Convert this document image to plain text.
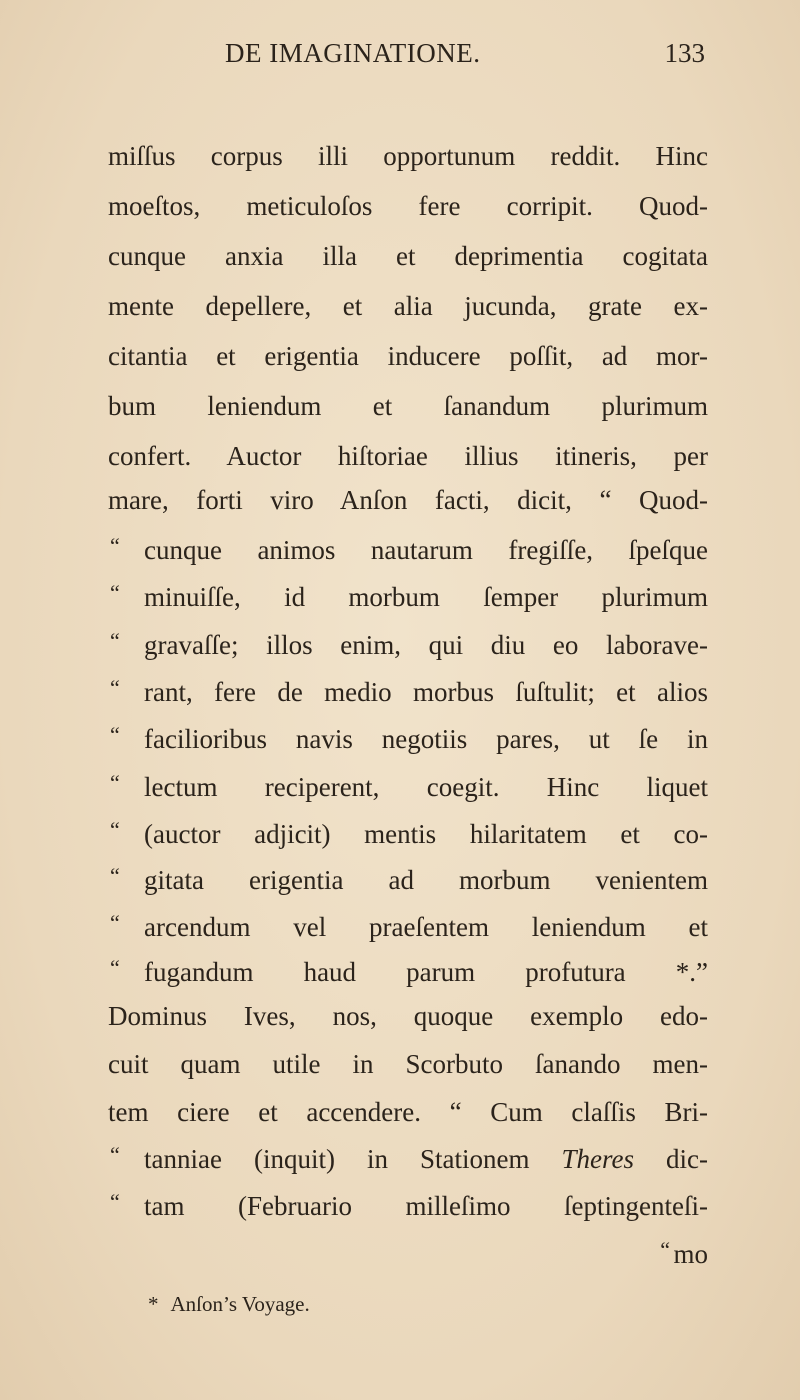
DE IMAGINATIONE.	133
miſſus corpus illi opportunum reddit. Hinc
moeſtos, meticuloſos fere corripit. Quod-
cunque anxia illa et deprimentia cogitata
mente depellere, et alia jucunda, grate ex-
citantia et erigentia inducere poſſit, ad mor-
bum leniendum et ſanandum plurimum
confert. Auctor hiſtoriae illius itineris, per
mare, forti viro Anſon facti, dicit, “ Quod-
“ cunque animos nautarum fregiſſe, ſpeſque
“ minuiſſe, id morbum ſemper plurimum
“ gravaſſe; illos enim, qui diu eo laborave-
“ rant, fere de medio morbus ſuſtulit; et alios
“ facilioribus navis negotiis pares, ut ſe in
“ lectum reciperent, coegit. Hinc liquet
“ (auctor adjicit) mentis hilaritatem et co-
“ gitata erigentia ad morbum venientem
“ arcendum vel praeſentem leniendum et
“ fugandum haud parum profutura *.”
Dominus Ives, nos, quoque exemplo edo-
cuit quam utile in Scorbuto ſanando men-
tem ciere et accendere. “ Cum claſſis Bri-
“ tanniae (inquit) in Stationem Theres dic-
“ tam (Februario milleſimo ſeptingenteſi-
“ mo
* Anſon’s Voyage.
